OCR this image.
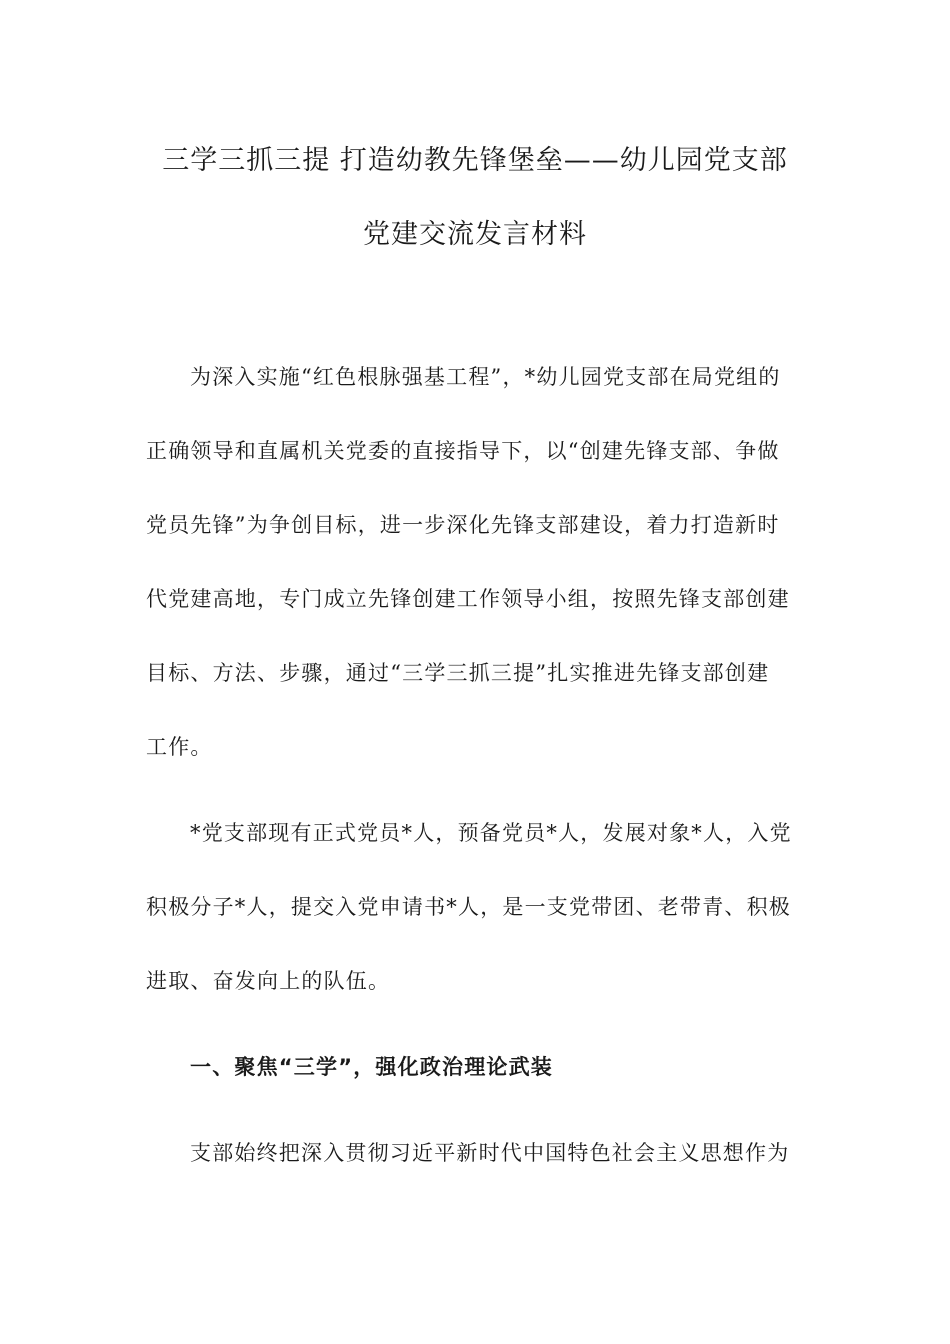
三学三抓三提 打造幼教先锋堡垒——幼儿园党支部
党建交流发言材料
为深入实施“红色根脉强基工程”，*幼儿园党支部在局党组的
正确领导和直属机关党委的直接指导下，以“创建先锋支部、争做
党员先锋”为争创目标，进一步深化先锋支部建设，着力打造新时
代党建高地，专门成立先锋创建工作领导小组，按照先锋支部创建
目标、方法、步骤，通过“三学三抓三提”扎实推进先锋支部创建
工作。
*党支部现有正式党员*人，预备党员*人，发展对象*人，入党
积极分子*人，提交入党申请书*人，是一支党带团、老带青、积极
进取、奋发向上的队伍。
一、聚焦“三学”，强化政治理论武装
支部始终把深入贯彻习近平新时代中国特色社会主义思想作为
